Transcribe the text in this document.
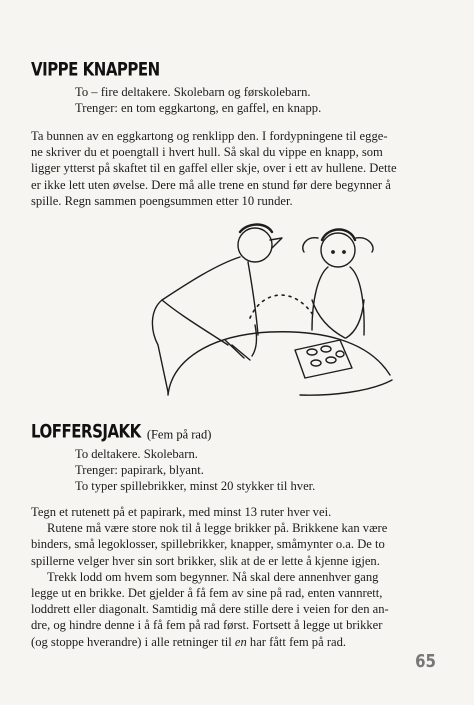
VIPPE KNAPPEN

To – fire deltakere. Skolebarn og førskolebarn.

Trenger: en tom eggkartong, en gaffel, en knapp.

Ta bunnen av en eggkartong og renklipp den. I fordypningene til egge-

ne skriver du et poengtall i hvert hull. Så skal du vippe en knapp, som

ligger ytterst på skaftet til en gaffel eller skje, over i ett av hullene. Dette

er ikke lett uten øvelse. Dere må alle trene en stund før dere begynner å

spille. Regn sammen poengsummen etter 10 runder.

LOFFERSJAKK (Fem på rad)

To deltakere. Skolebarn.

Trenger: papirark, blyant.

To typer spillebrikker, minst 20 stykker til hver.

Tegn et rutenett på et papirark, med minst 13 ruter hver vei.

Rutene må være store nok til å legge brikker på. Brikkene kan være

binders, små legoklosser, spillebrikker, knapper, småmynter o.a. De to

spillerne velger hver sin sort brikker, slik at de er lette å kjenne igjen.

Trekk lodd om hvem som begynner. Nå skal dere annenhver gang

legge ut en brikke. Det gjelder å få fem av sine på rad, enten vannrett,

loddrett eller diagonalt. Samtidig må dere stille dere i veien for den an-

dre, og hindre denne i å få fem på rad først. Fortsett å legge ut brikker

(og stoppe hverandre) i alle retninger til en har fått fem på rad.

65
